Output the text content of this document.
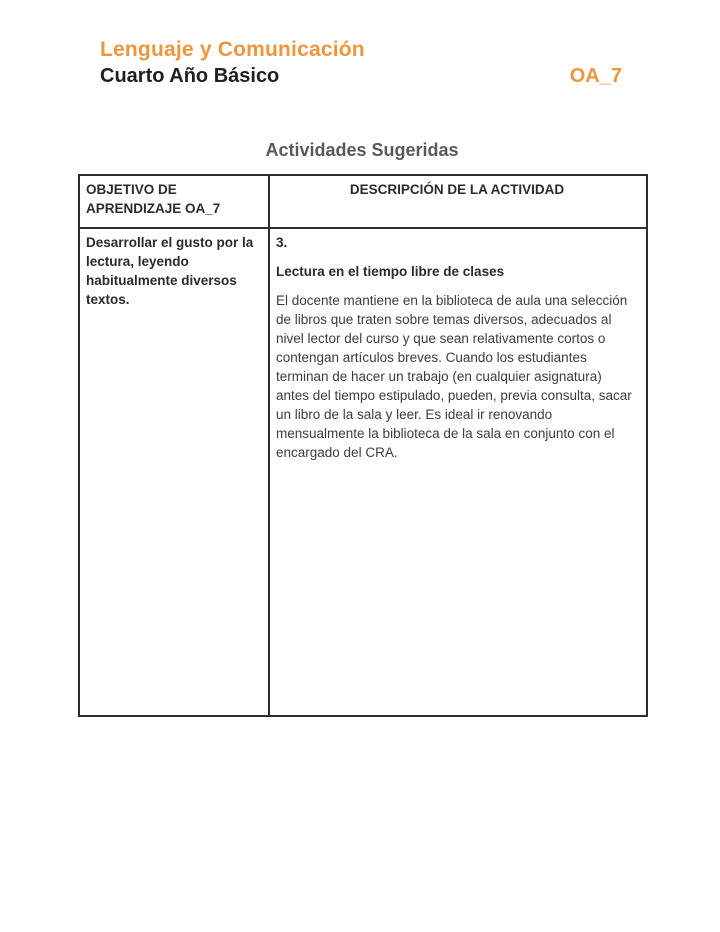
Lenguaje y Comunicación
Cuarto Año Básico	OA_7
Actividades Sugeridas
OBJETIVO DE APRENDIZAJE OA_7	DESCRIPCIÓN DE LA ACTIVIDAD
Desarrollar el gusto por la lectura, leyendo habitualmente diversos textos.	3.

Lectura en el tiempo libre de clases

El docente mantiene en la biblioteca de aula una selección de libros que traten sobre temas diversos, adecuados al nivel lector del curso y que sean relativamente cortos o contengan artículos breves. Cuando los estudiantes terminan de hacer un trabajo (en cualquier asignatura) antes del tiempo estipulado, pueden, previa consulta, sacar un libro de la sala y leer. Es ideal ir renovando mensualmente la biblioteca de la sala en conjunto con el encargado del CRA.
